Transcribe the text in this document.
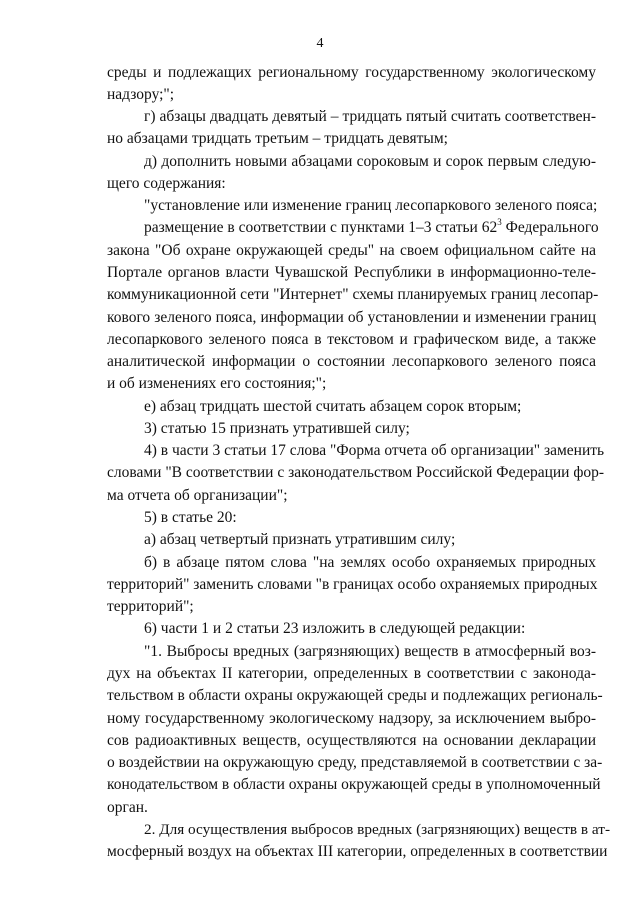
4
среды и подлежащих региональному государственному экологическому
надзору;";
г) абзацы двадцать девятый – тридцать пятый считать соответствен-
но абзацами тридцать третьим – тридцать девятым;
д) дополнить новыми абзацами сороковым и сорок первым следую-
щего содержания:
"установление или изменение границ лесопаркового зеленого пояса;
размещение в соответствии с пунктами 1–3 статьи $62^3$ Федерального
закона "Об охране окружающей среды" на своем официальном сайте на
Портале органов власти Чувашской Республики в информационно-теле-
коммуникационной сети "Интернет" схемы планируемых границ лесопар-
кового зеленого пояса, информации об установлении и изменении границ
лесопаркового зеленого пояса в текстовом и графическом виде, а также
аналитической информации о состоянии лесопаркового зеленого пояса
и об изменениях его состояния;";
е) абзац тридцать шестой считать абзацем сорок вторым;
3) статью 15 признать утратившей силу;
4) в части 3 статьи 17 слова "Форма отчета об организации" заменить
словами "В соответствии с законодательством Российской Федерации фор-
ма отчета об организации";
5) в статье 20:
а) абзац четвертый признать утратившим силу;
б) в абзаце пятом слова "на землях особо охраняемых природных
территорий" заменить словами "в границах особо охраняемых природных
территорий";
6) части 1 и 2 статьи 23 изложить в следующей редакции:
"1. Выбросы вредных (загрязняющих) веществ в атмосферный воз-
дух на объектах II категории, определенных в соответствии с законода-
тельством в области охраны окружающей среды и подлежащих региональ-
ному государственному экологическому надзору, за исключением выбро-
сов радиоактивных веществ, осуществляются на основании декларации
о воздействии на окружающую среду, представляемой в соответствии с за-
конодательством в области охраны окружающей среды в уполномоченный
орган.
2. Для осуществления выбросов вредных (загрязняющих) веществ в ат-
мосферный воздух на объектах III категории, определенных в соответствии
